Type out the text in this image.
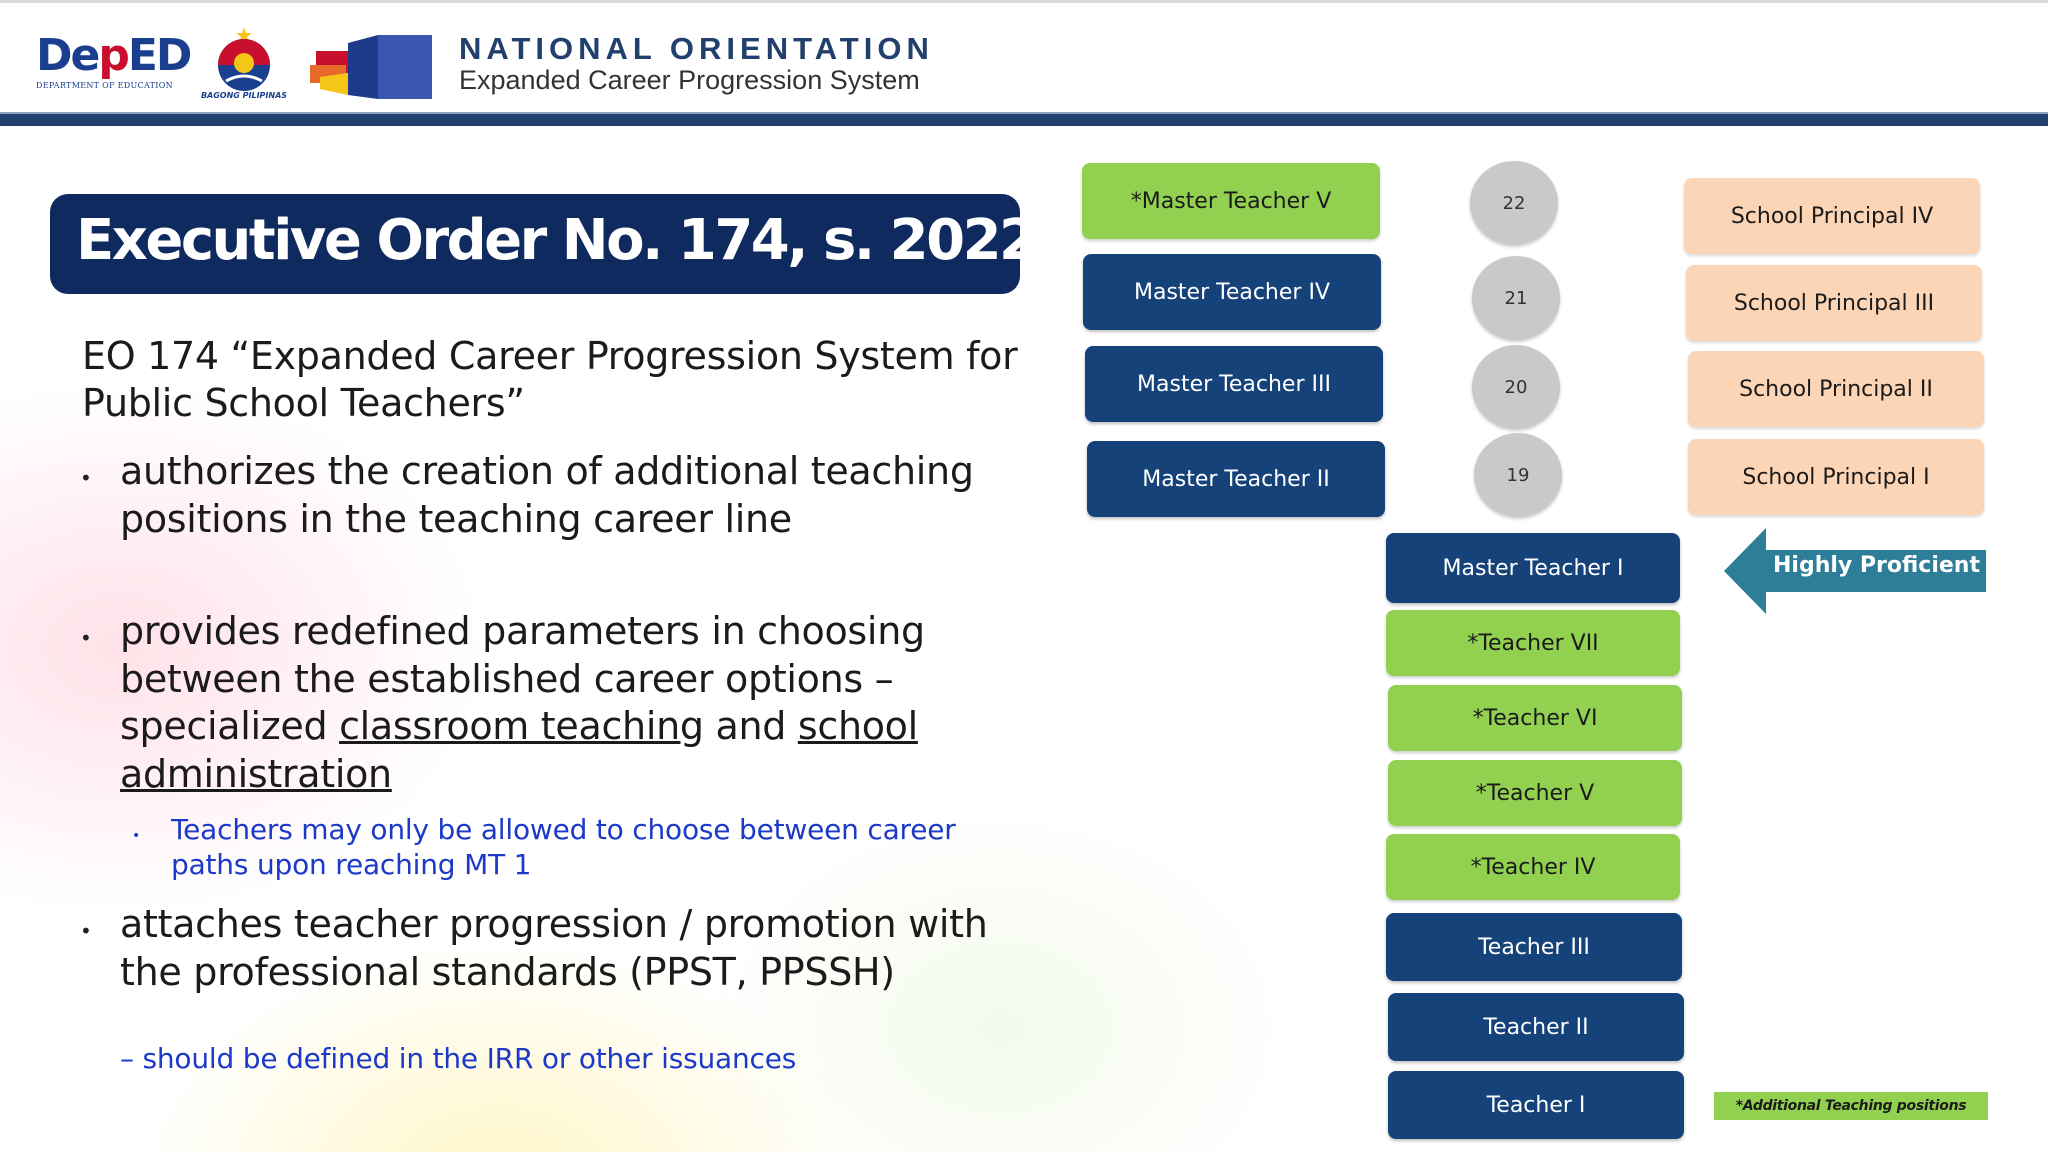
DepED
DEPARTMENT OF EDUCATION
BAGONG PILIPINAS
NATIONAL ORIENTATION
Expanded Career Progression System
Executive Order No. 174, s. 2022
EO 174 “Expanded Career Progression System for Public School Teachers”
• authorizes the creation of additional teaching positions in the teaching career line
• provides redefined parameters in choosing between the established career options – specialized classroom teaching and school administration
• Teachers may only be allowed to choose between career paths upon reaching MT 1
• attaches teacher progression / promotion with the professional standards (PPST, PPSSH)
– should be defined in the IRR or other issuances
*Master Teacher V
Master Teacher IV
Master Teacher III
Master Teacher II
22
21
20
19
School Principal IV
School Principal III
School Principal II
School Principal I
Master Teacher I
*Teacher VII
*Teacher VI
*Teacher V
*Teacher IV
Teacher III
Teacher II
Teacher I
Highly Proficient
*Additional Teaching positions
